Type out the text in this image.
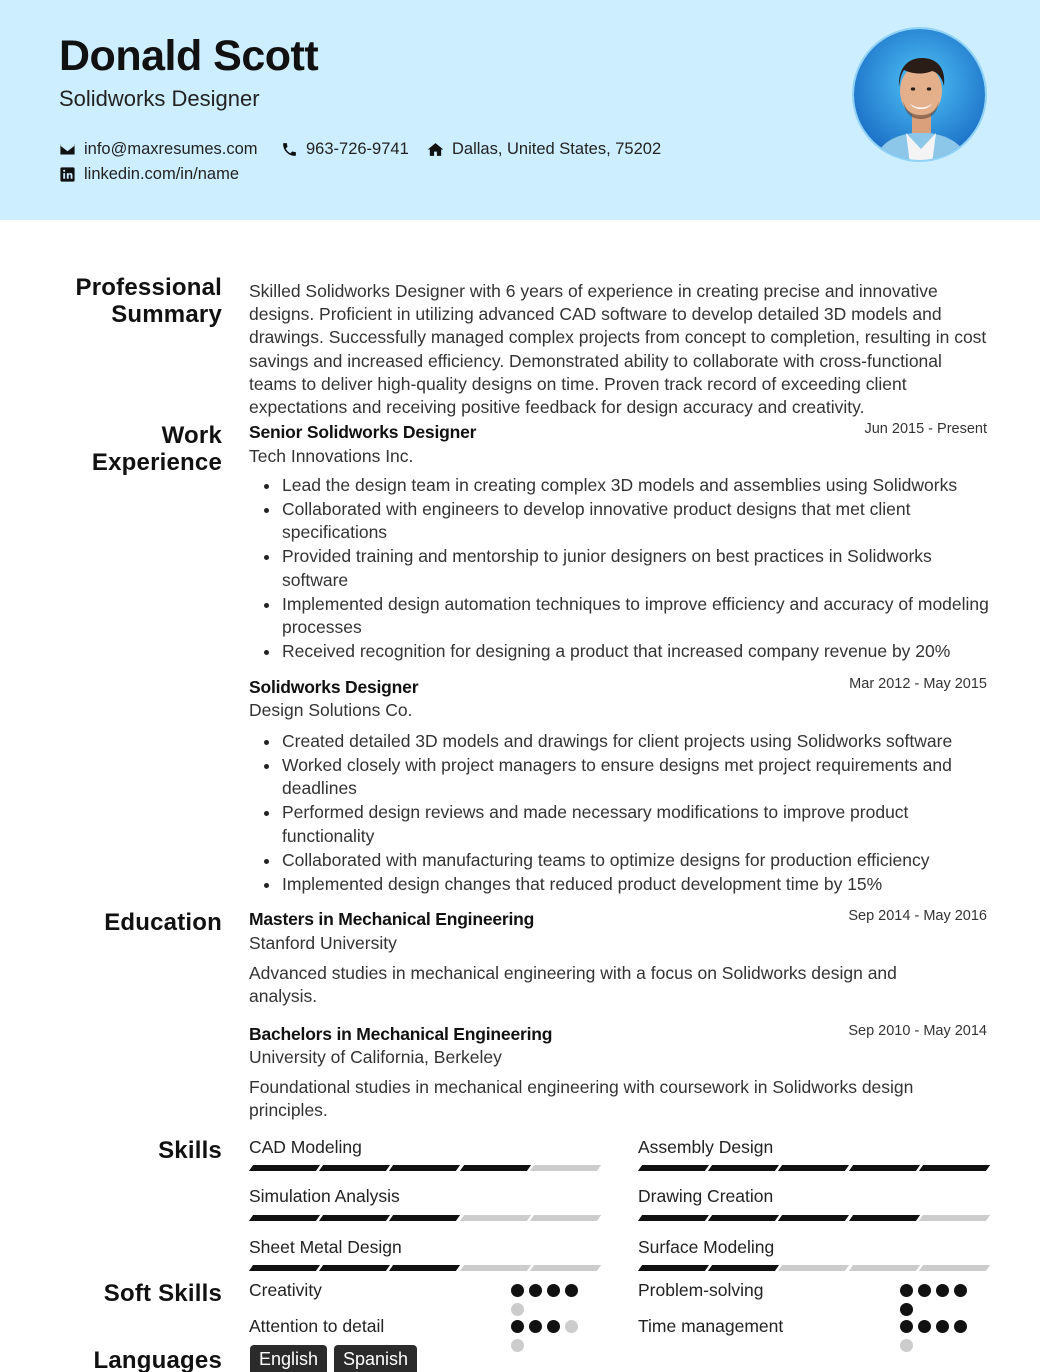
Donald Scott
Solidworks Designer
info@maxresumes.com	963-726-9741	Dallas, United States, 75202
linkedin.com/in/name
Professional Summary
Skilled Solidworks Designer with 6 years of experience in creating precise and innovative designs. Proficient in utilizing advanced CAD software to develop detailed 3D models and drawings. Successfully managed complex projects from concept to completion, resulting in cost savings and increased efficiency. Demonstrated ability to collaborate with cross-functional teams to deliver high-quality designs on time. Proven track record of exceeding client expectations and receiving positive feedback for design accuracy and creativity.
Work Experience
Senior Solidworks Designer	Jun 2015 - Present
Tech Innovations Inc.
Lead the design team in creating complex 3D models and assemblies using Solidworks
Collaborated with engineers to develop innovative product designs that met client specifications
Provided training and mentorship to junior designers on best practices in Solidworks software
Implemented design automation techniques to improve efficiency and accuracy of modeling processes
Received recognition for designing a product that increased company revenue by 20%
Solidworks Designer	Mar 2012 - May 2015
Design Solutions Co.
Created detailed 3D models and drawings for client projects using Solidworks software
Worked closely with project managers to ensure designs met project requirements and deadlines
Performed design reviews and made necessary modifications to improve product functionality
Collaborated with manufacturing teams to optimize designs for production efficiency
Implemented design changes that reduced product development time by 15%
Education Masters in Mechanical Engineering	Sep 2014 - May 2016
Stanford University
Advanced studies in mechanical engineering with a focus on Solidworks design and analysis.
Bachelors in Mechanical Engineering	Sep 2010 - May 2014
University of California, Berkeley
Foundational studies in mechanical engineering with coursework in Solidworks design principles.
Skills CAD Modeling	Assembly Design
Simulation Analysis	Drawing Creation
Sheet Metal Design	Surface Modeling
Soft Skills Creativity	Problem-solving
Attention to detail	Time management
Languages	English	Spanish
